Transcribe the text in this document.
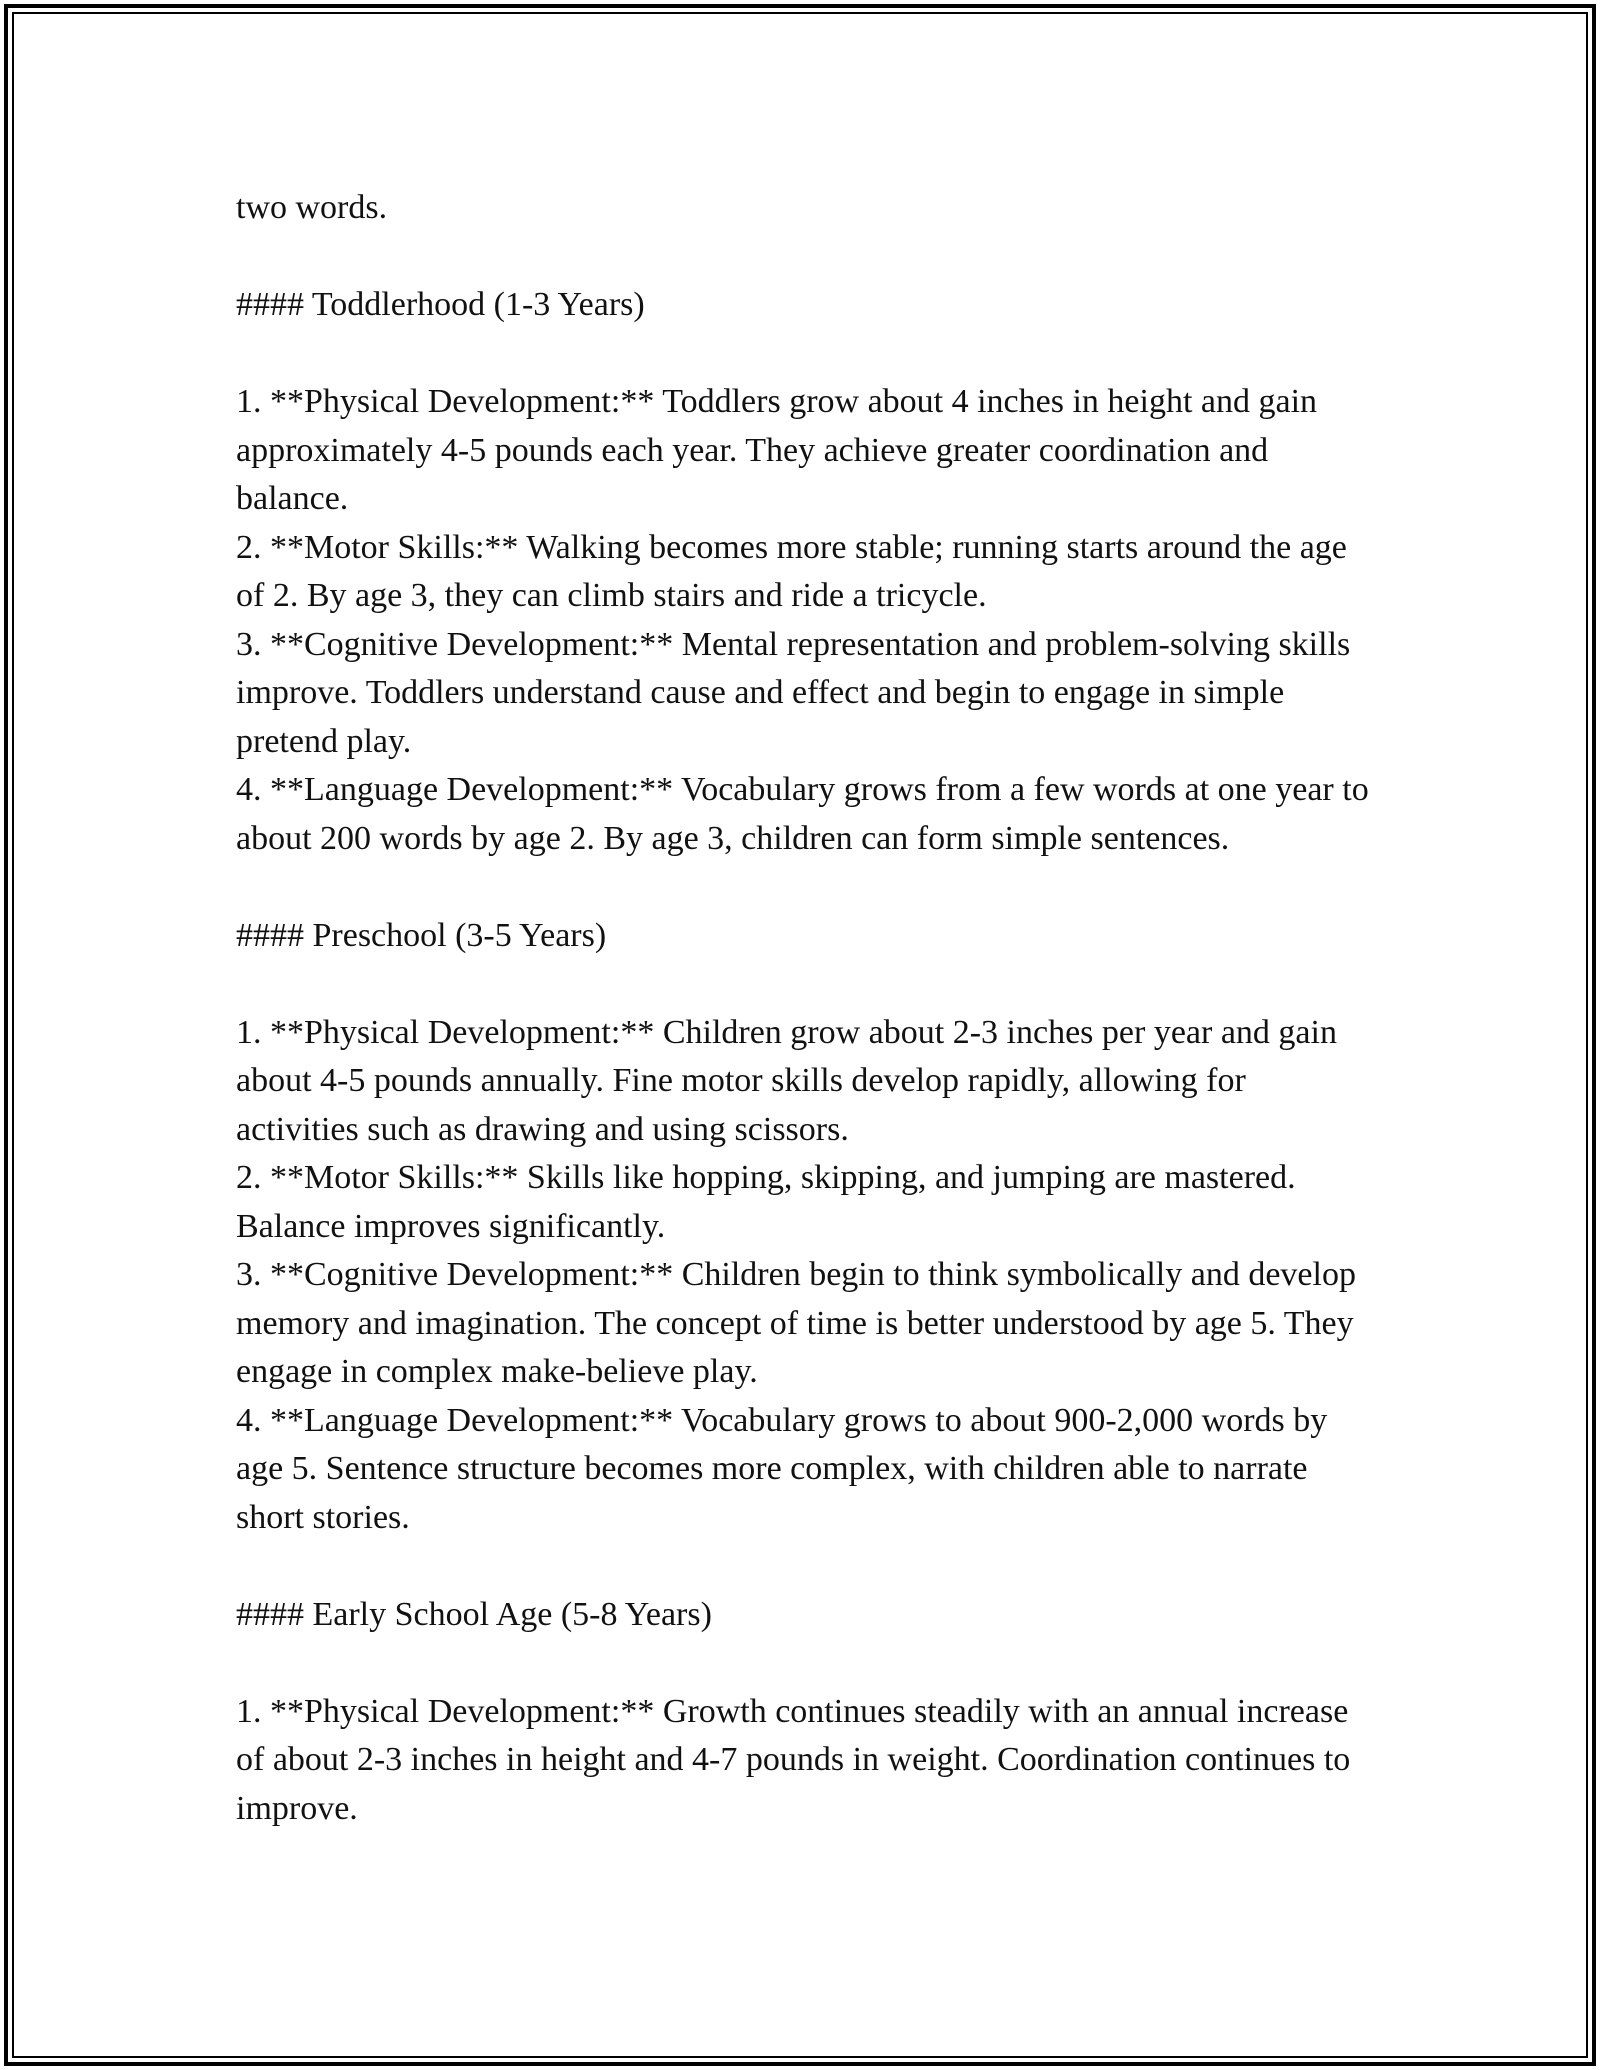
two words.

#### Toddlerhood (1-3 Years)

1. **Physical Development:** Toddlers grow about 4 inches in height and gain approximately 4-5 pounds each year. They achieve greater coordination and balance.

2. **Motor Skills:** Walking becomes more stable; running starts around the age of 2. By age 3, they can climb stairs and ride a tricycle.

3. **Cognitive Development:** Mental representation and problem-solving skills improve. Toddlers understand cause and effect and begin to engage in simple pretend play.

4. **Language Development:** Vocabulary grows from a few words at one year to about 200 words by age 2. By age 3, children can form simple sentences.

#### Preschool (3-5 Years)

1. **Physical Development:** Children grow about 2-3 inches per year and gain about 4-5 pounds annually. Fine motor skills develop rapidly, allowing for activities such as drawing and using scissors.

2. **Motor Skills:** Skills like hopping, skipping, and jumping are mastered. Balance improves significantly.

3. **Cognitive Development:** Children begin to think symbolically and develop memory and imagination. The concept of time is better understood by age 5. They engage in complex make-believe play.

4. **Language Development:** Vocabulary grows to about 900-2,000 words by age 5. Sentence structure becomes more complex, with children able to narrate short stories.

#### Early School Age (5-8 Years)

1. **Physical Development:** Growth continues steadily with an annual increase of about 2-3 inches in height and 4-7 pounds in weight. Coordination continues to improve.
